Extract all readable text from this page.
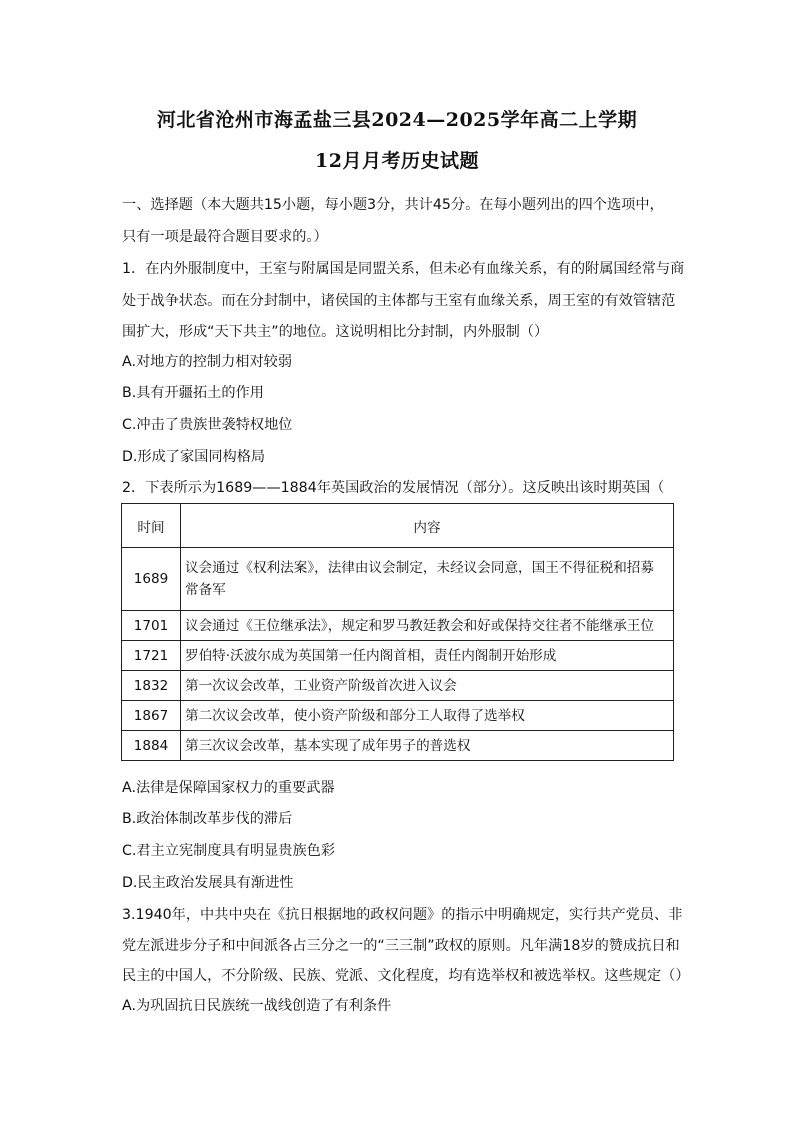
河北省沧州市海孟盐三县2024—2025学年高二上学期
12月月考历史试题
一、选择题（本大题共15小题，每小题3分，共计45分。在每小题列出的四个选项中，
只有一项是最符合题目要求的。）
1．在内外服制度中，王室与附属国是同盟关系，但未必有血缘关系，有的附属国经常与商
处于战争状态。而在分封制中，诸侯国的主体都与王室有血缘关系，周王室的有效管辖范
围扩大，形成“天下共主”的地位。这说明相比分封制，内外服制（）
A.对地方的控制力相对较弱
B.具有开疆拓土的作用
C.冲击了贵族世袭特权地位
D.形成了家国同构格局
2．下表所示为1689——1884年英国政治的发展情况（部分）。这反映出该时期英国（
时间	内容
1689	议会通过《权利法案》，法律由议会制定，未经议会同意，国王不得征税和招募
常备军

1701	议会通过《王位继承法》，规定和罗马教廷教会和好或保持交往者不能继承王位
1721	罗伯特·沃波尔成为英国第一任内阁首相，责任内阁制开始形成
1832	第一次议会改革，工业资产阶级首次进入议会
1867	第二次议会改革，使小资产阶级和部分工人取得了选举权
1884	第三次议会改革，基本实现了成年男子的普选权
A.法律是保障国家权力的重要武器
B.政治体制改革步伐的滞后
C.君主立宪制度具有明显贵族色彩
D.民主政治发展具有渐进性
3.1940年，中共中央在《抗日根据地的政权问题》的指示中明确规定，实行共产党员、非
党左派进步分子和中间派各占三分之一的“三三制”政权的原则。凡年满18岁的赞成抗日和
民主的中国人，不分阶级、民族、党派、文化程度，均有选举权和被选举权。这些规定（）
A.为巩固抗日民族统一战线创造了有利条件
